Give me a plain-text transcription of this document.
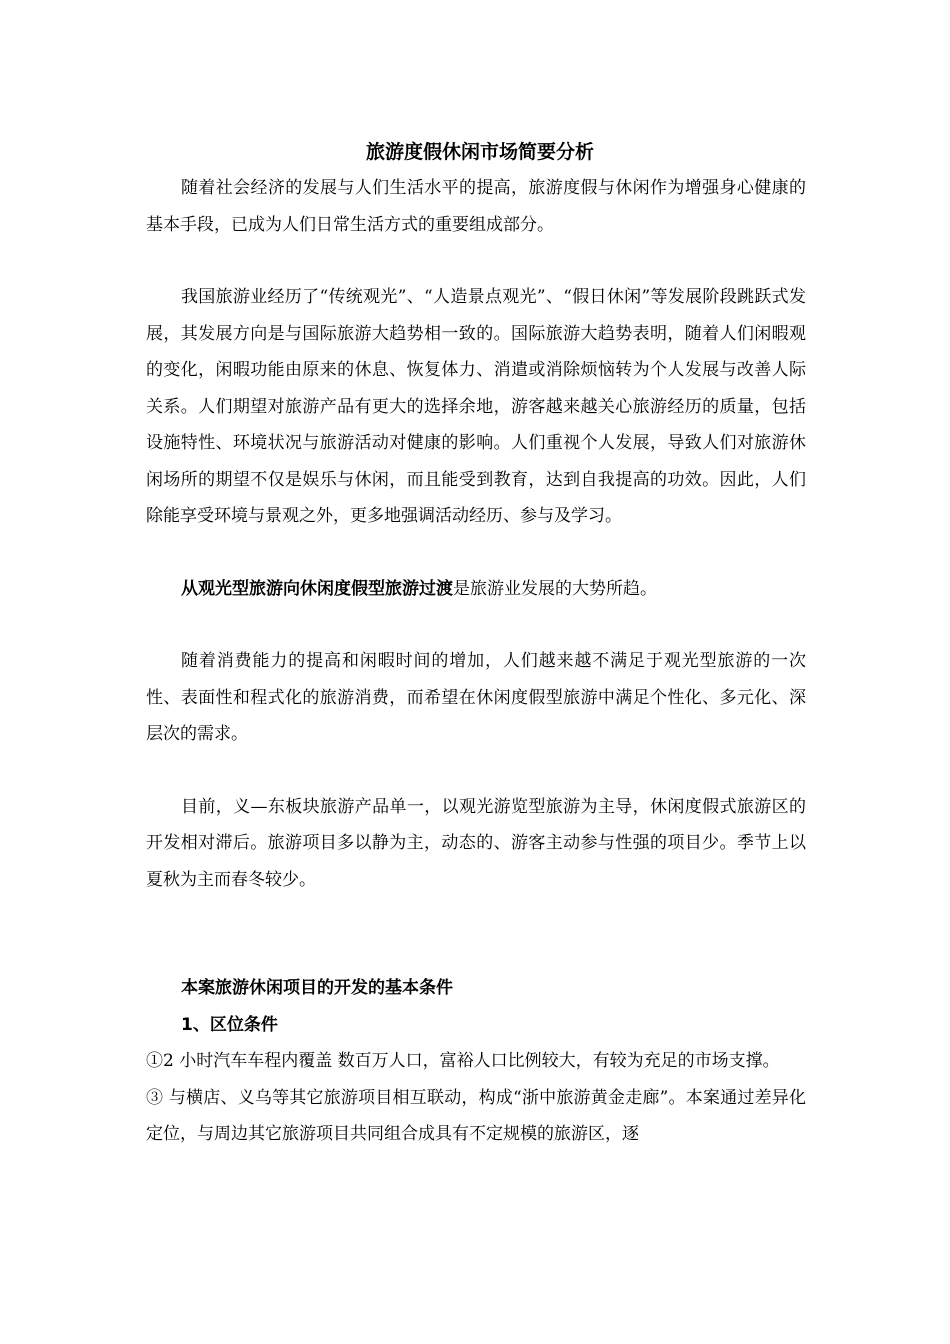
旅游度假休闲市场简要分析

随着社会经济的发展与人们生活水平的提高，旅游度假与休闲作为增强身心健康的基本手段，已成为人们日常生活方式的重要组成部分。

我国旅游业经历了“传统观光”、“人造景点观光”、“假日休闲”等发展阶段跳跃式发展，其发展方向是与国际旅游大趋势相一致的。国际旅游大趋势表明，随着人们闲暇观的变化，闲暇功能由原来的休息、恢复体力、消遣或消除烦恼转为个人发展与改善人际关系。人们期望对旅游产品有更大的选择余地，游客越来越关心旅游经历的质量，包括设施特性、环境状况与旅游活动对健康的影响。人们重视个人发展，导致人们对旅游休闲场所的期望不仅是娱乐与休闲，而且能受到教育，达到自我提高的功效。因此，人们除能享受环境与景观之外，更多地强调活动经历、参与及学习。

从观光型旅游向休闲度假型旅游过渡是旅游业发展的大势所趋。

随着消费能力的提高和闲暇时间的增加，人们越来越不满足于观光型旅游的一次性、表面性和程式化的旅游消费，而希望在休闲度假型旅游中满足个性化、多元化、深层次的需求。

目前，义—东板块旅游产品单一，以观光游览型旅游为主导，休闲度假式旅游区的开发相对滞后。旅游项目多以静为主，动态的、游客主动参与性强的项目少。季节上以夏秋为主而春冬较少。

本案旅游休闲项目的开发的基本条件

1、区位条件

①2 小时汽车车程内覆盖 数百万人口，富裕人口比例较大，有较为充足的市场支撑。

③ 与横店、义乌等其它旅游项目相互联动，构成“浙中旅游黄金走廊”。本案通过差异化定位，与周边其它旅游项目共同组合成具有不定规模的旅游区，逐
